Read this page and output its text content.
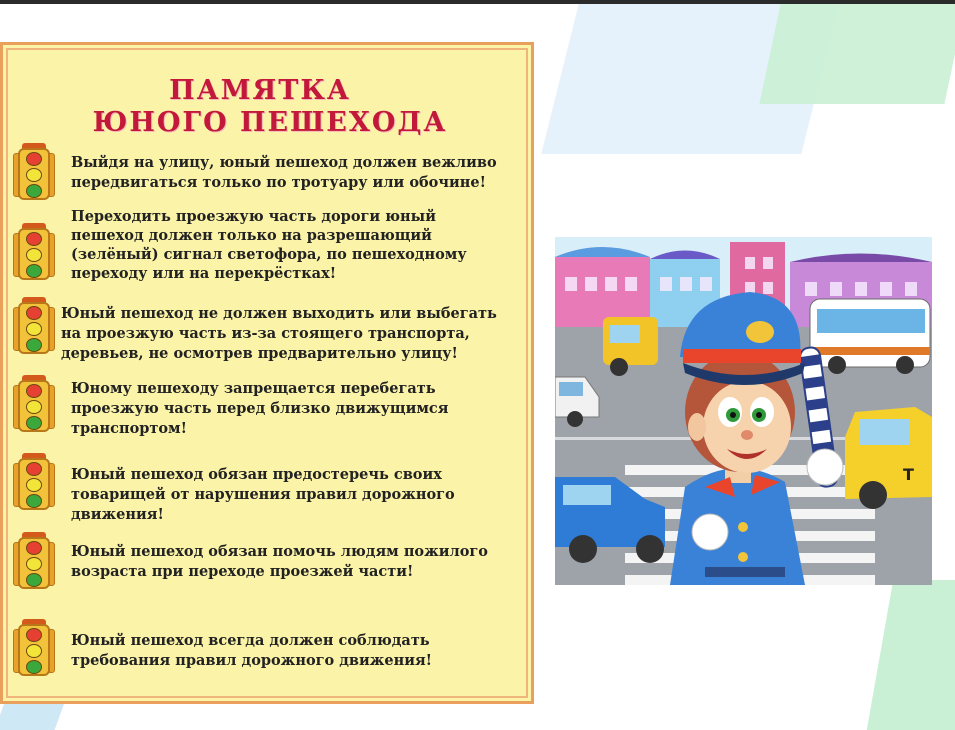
ПАМЯТКА
ЮНОГО ПЕШЕХОДА

Выйдя на улицу, юный пешеход должен вежливо

передвигаться только по тротуару или обочине!

Переходить проезжую часть дороги юный

пешеход должен только на разрешающий

(зелёный) сигнал светофора, по пешеходному

переходу или на перекрёстках!

Юный пешеход не должен выходить или выбегать

на проезжую часть из-за стоящего транспорта,

деревьев, не осмотрев предварительно улицу!

Юному пешеходу запрещается перебегать

проезжую часть перед близко движущимся

транспортом!

Юный пешеход обязан предостеречь своих

товарищей от нарушения правил дорожного

движения!

Юный пешеход обязан помочь людям пожилого

возраста при переходе проезжей части!

Юный пешеход всегда должен соблюдать

требования правил дорожного движения!

T
